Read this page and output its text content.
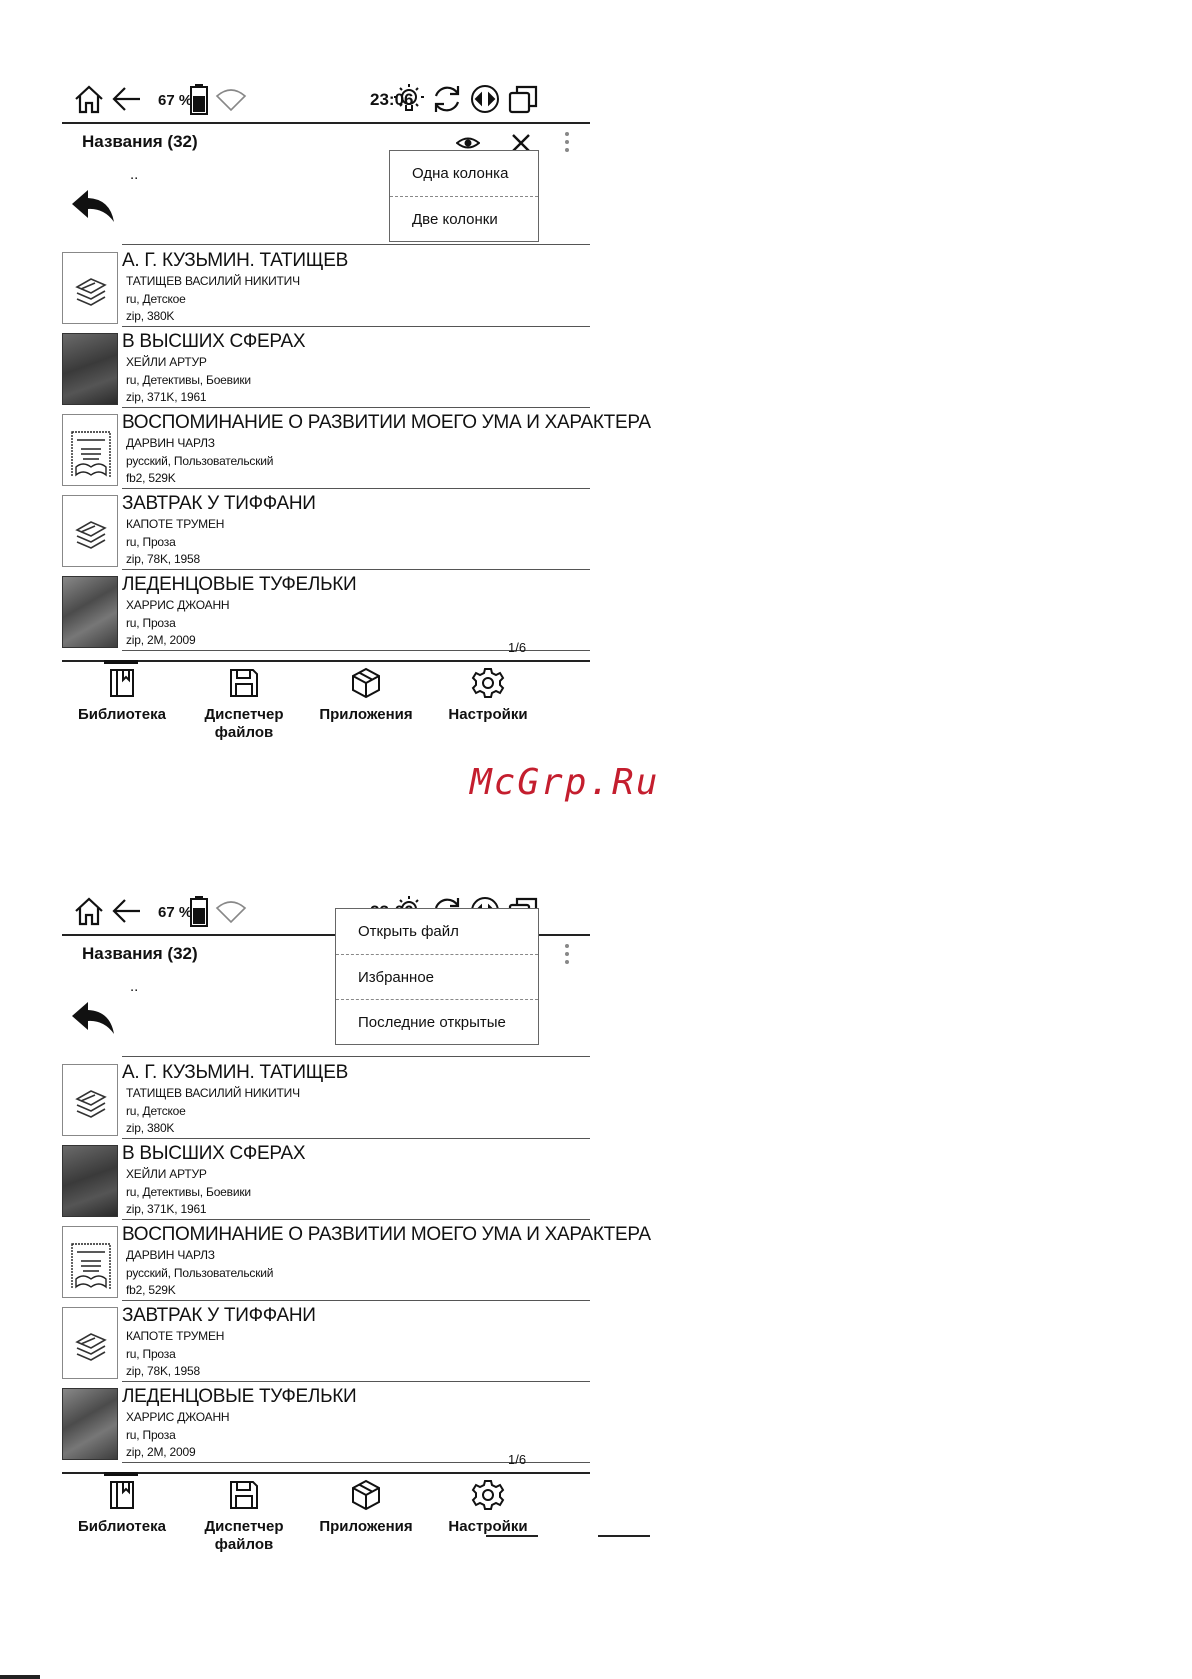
67 %	23:06
Названия (32)
..
А. Г. КУЗЬМИН. ТАТИЩЕВ
ТАТИЩЕВ ВАСИЛИЙ НИКИТИЧ
ru, Детское
zip, 380K
В ВЫСШИХ СФЕРАХ
ХЕЙЛИ АРТУР
ru, Детективы, Боевики
zip, 371K, 1961
ВОСПОМИНАНИЕ О РАЗВИТИИ МОЕГО УМА И ХАРАКТЕРА
ДАРВИН ЧАРЛЗ
русский, Пользовательский
fb2, 529K
ЗАВТРАК У ТИФФАНИ
КАПОТЕ ТРУМЕН
ru, Проза
zip, 78K, 1958
ЛЕДЕНЦОВЫЕ ТУФЕЛЬКИ
ХАРРИС ДЖОАНН
ru, Проза
zip, 2M, 2009	1/6
Библиотека	Диспетчер
файлов
Приложения	Настройки
Одна колонка
Две колонки
67 %
Названия (32)
..
А. Г. КУЗЬМИН. ТАТИЩЕВ
ТАТИЩЕВ ВАСИЛИЙ НИКИТИЧ
ru, Детское
zip, 380K
В ВЫСШИХ СФЕРАХ
ХЕЙЛИ АРТУР
ru, Детективы, Боевики
zip, 371K, 1961
ВОСПОМИНАНИЕ О РАЗВИТИИ МОЕГО УМА И ХАРАКТЕРА
ДАРВИН ЧАРЛЗ
русский, Пользовательский
fb2, 529K
ЗАВТРАК У ТИФФАНИ
КАПОТЕ ТРУМЕН
ru, Проза
zip, 78K, 1958
ЛЕДЕНЦОВЫЕ ТУФЕЛЬКИ
ХАРРИС ДЖОАНН
ru, Проза
zip, 2M, 2009	1/6
Библиотека	Диспетчер
файлов
Приложения	Настройки
Открыть файл
Избранное
Последние открытые
McGrp.Ru
